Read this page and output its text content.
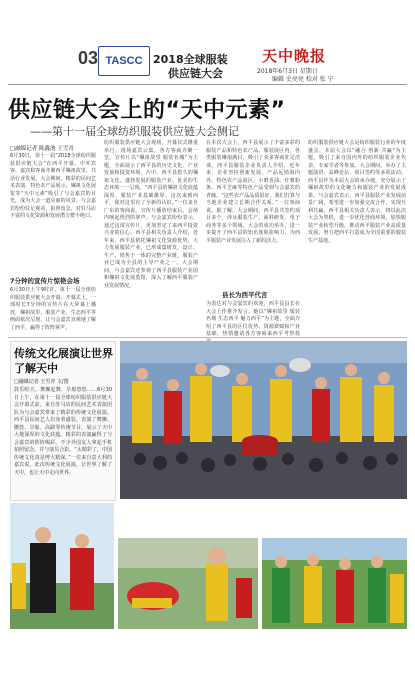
03 TASCC 2018全球服装
供应链大会
天中晚报
2018年6月3日 星期日
编辑 史亮亮 校对 张 宁
供应链大会上的“天中元素”
——第十一届全球纺织服装供应链大会侧记
□融媒记者 陈鑫池 王雪青
6月30日，第十一届“2018全球纺织服装供应链大会”在西平开幕。中外宾客、嘉宾和客商齐聚西平嫘祖故里，共话行业发展。大会期间，精彩的民间艺术表演、特色农产品展示、嫘祖文化展览等“天中元素”吸引了与会嘉宾的目光，成为大会一道亮丽的风景。与会嘉宾纷纷驻足观看，拍照留念，对驻马店丰富的文化资源和发展潜力赞不绝口。
7分钟的宣传片惊艳会场
6月30日上午9时许，第十一届全球纺织服装供应链大会开幕。开幕式上，一部时长7分钟的宣传片在大屏幕上播放，嫘祖故里、服装产业、生态西平等画面依次呈现，让与会嘉宾直观地了解了西平，赢得了阵阵掌声。
纺织服装供应链大会现场，开幕仪式隆重举行。现场嘉宾云集，各方客商齐聚一堂。宣传片以“嫘祖故里 服装名城”为主题，全面展示了西平县的历史文化、产业发展和投资环境。片中，西平县悠久的嫘祖文化、蓬勃发展的服装产业、优美的生态环境一一呈现。“西平县的嫘祖文化底蕴深厚，服装产业基础雄厚，这次来到西平，我对这里有了全新的认识。”一位来自广东的客商说。宣传片播放结束后，会场内响起热烈的掌声。与会嘉宾纷纷表示，通过这部宣传片，更加坚定了来西平投资兴业的信心。西平县相关负责人介绍，近年来，西平县依托嫘祖文化资源优势，大力发展服装产业，已形成集研发、设计、生产、销售于一体的完整产业链，服装产业已成为全县的主导产业之一。大会期间，与会嘉宾还参观了西平县服装产业园和嫘祖文化展览馆，深入了解西平服装产业发展情况。
在本次大会上，西平县展示了丰富多彩的服装产品和特色农产品。服装展区内，各类服装琳琅满目，吸引了众多客商驻足洽谈。西平县服装企业负责人介绍，近年来，企业坚持创新发展，产品远销海内外。特色农产品展区，小磨香油、红薯粉条、西平芝麻等特色产品受到与会嘉宾的青睐。“这些农产品品质很好，我们打算与当地企业建立长期合作关系。”一位客商说。据了解，大会期间，西平县共签约项目多个，涉及服装生产、面料研发、电子商务等多个领域。大会的成功举办，进一步提升了西平县的知名度和影响力，为西平服装产业发展注入了新的活力。
县长为西平代言
为表达对与会嘉宾的欢迎，西平县县长在大会上作推介发言。她以“嫘祖故里 服装名城 生态西平 魅力西平”为主题，全面介绍了西平县的区位优势、资源禀赋和产业基础，热情邀请各方客商来西平考察投
纺织服装供应链大会是纺织服装行业的年度盛会。本届大会以“融合·创新·共赢”为主题，吸引了来自国内外的纺织服装企业代表、专家学者等参加。大会期间，举办了主题演讲、高峰论坛、项目签约等多项活动。西平县作为本届大会的承办地，充分展示了嫘祖故里的文化魅力和服装产业的发展成果。与会嘉宾表示，西平县服装产业发展前景广阔，希望进一步加强交流合作，实现互利共赢。西平县相关负责人表示，将以此次大会为契机，进一步优化营商环境，加快服装产业转型升级，推动西平服装产业高质量发展，努力把西平打造成为全国重要的服装生产基地。
传统文化展演让世界了解天中
□融媒记者 王雪青 文/图
鼓乐喧天、舞狮起舞、旱船悠悠……6月30日上午，在第十一届全球纺织服装供应链大会开幕式前，来自驻马店的民间艺术表演团队为与会嘉宾带来了精彩的传统文化展演。西平县民间艺人们身着盛装，表演了舞狮、腰鼓、旱船、高跷等传统节目，展示了天中大地深厚的文化底蕴。精彩的表演赢得了与会嘉宾的阵阵喝彩。不少外国友人拿起手机拍照留念，并与演员合影。“太精彩了，中国传统文化真是博大精深。”一位来自意大利的嘉宾说。此次传统文化展演，让世界了解了天中，也让天中走向世界。
